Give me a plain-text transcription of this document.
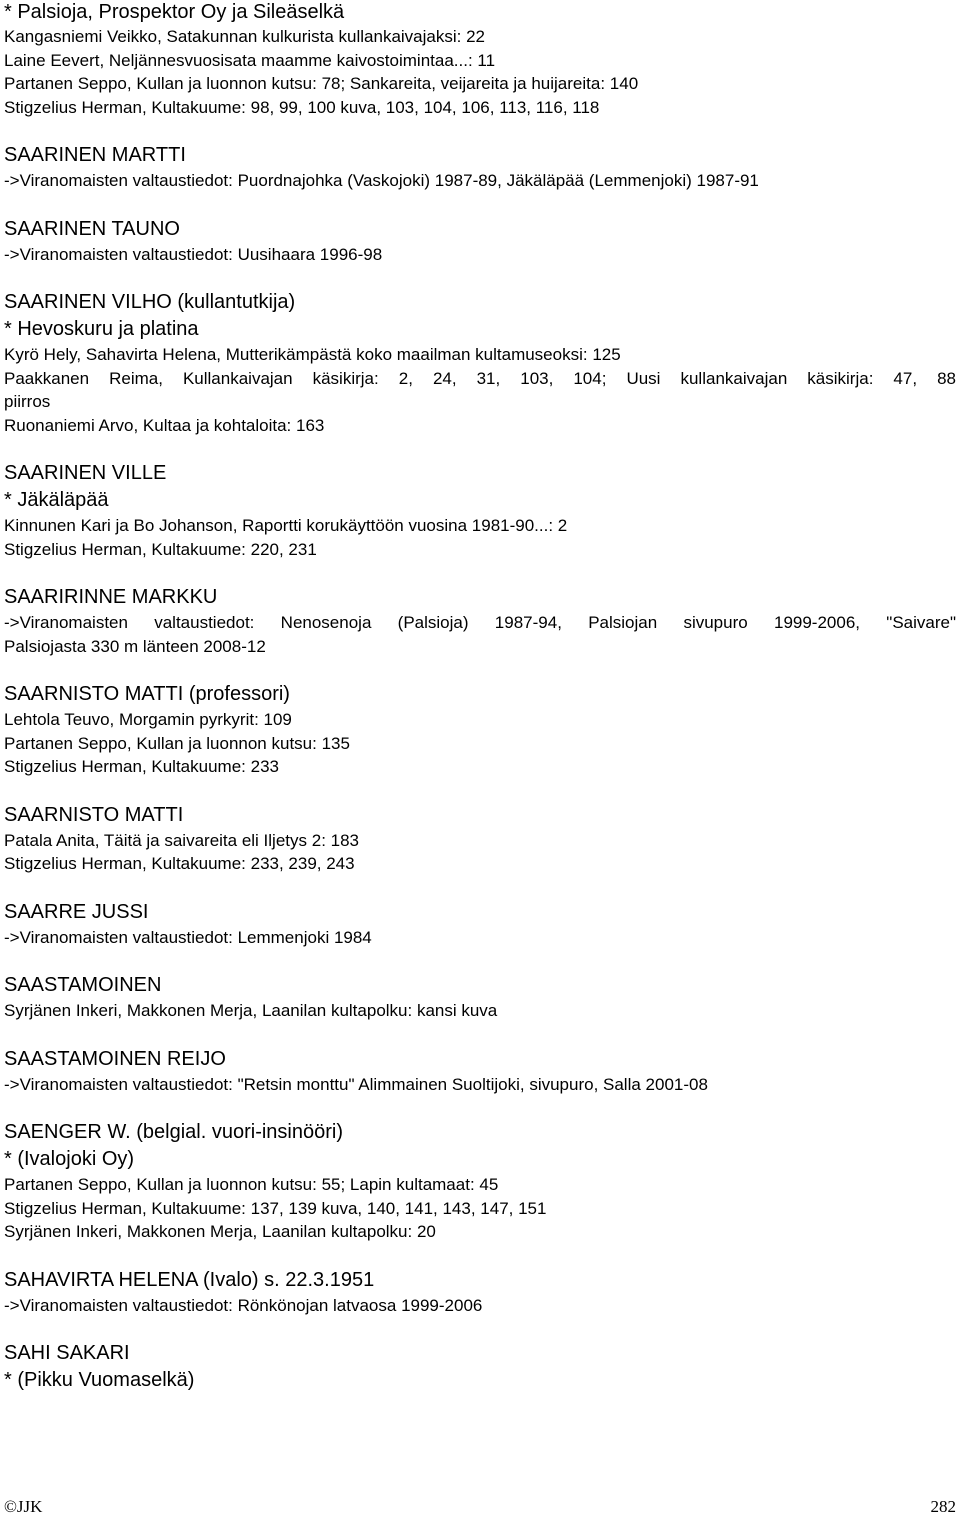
* Palsioja, Prospektor Oy ja Sileäselkä
Kangasniemi Veikko, Satakunnan kulkurista kullankaivajaksi: 22
Laine Eevert, Neljännesvuosisata maamme kaivostoimintaa...: 11
Partanen Seppo, Kullan ja luonnon kutsu: 78; Sankareita, veijareita ja huijareita: 140
Stigzelius Herman, Kultakuume: 98, 99, 100 kuva, 103, 104, 106, 113, 116, 118
SAARINEN MARTTI
->Viranomaisten valtaustiedot: Puordnajohka (Vaskojoki) 1987-89, Jäkäläpää (Lemmenjoki) 1987-91
SAARINEN TAUNO
->Viranomaisten valtaustiedot: Uusihaara 1996-98
SAARINEN VILHO (kullantutkija)
* Hevoskuru ja platina
Kyrö Hely, Sahavirta Helena, Mutterikämpästä koko maailman kultamuseoksi: 125
Paakkanen Reima, Kullankaivajan käsikirja: 2, 24, 31, 103, 104; Uusi kullankaivajan käsikirja: 47, 88
piirros
Ruonaniemi Arvo, Kultaa ja kohtaloita: 163
SAARINEN VILLE
* Jäkäläpää
Kinnunen Kari ja Bo Johanson, Raportti korukäyttöön vuosina 1981-90...: 2
Stigzelius Herman, Kultakuume: 220, 231
SAARIRINNE MARKKU
->Viranomaisten valtaustiedot: Nenosenoja (Palsioja) 1987-94, Palsiojan sivupuro 1999-2006, "Saivare"
Palsiojasta 330 m länteen 2008-12
SAARNISTO MATTI (professori)
Lehtola Teuvo, Morgamin pyrkyrit: 109
Partanen Seppo, Kullan ja luonnon kutsu: 135
Stigzelius Herman, Kultakuume: 233
SAARNISTO MATTI
Patala Anita, Täitä ja saivareita eli Iljetys 2: 183
Stigzelius Herman, Kultakuume: 233, 239, 243
SAARRE JUSSI
->Viranomaisten valtaustiedot: Lemmenjoki 1984
SAASTAMOINEN
Syrjänen Inkeri, Makkonen Merja, Laanilan kultapolku: kansi kuva
SAASTAMOINEN REIJO
->Viranomaisten valtaustiedot: "Retsin monttu" Alimmainen Suoltijoki, sivupuro, Salla 2001-08
SAENGER W. (belgial. vuori-insinööri)
* (Ivalojoki Oy)
Partanen Seppo, Kullan ja luonnon kutsu: 55; Lapin kultamaat: 45
Stigzelius Herman, Kultakuume: 137, 139 kuva, 140, 141, 143, 147, 151
Syrjänen Inkeri, Makkonen Merja, Laanilan kultapolku: 20
SAHAVIRTA HELENA (Ivalo) s. 22.3.1951
->Viranomaisten valtaustiedot: Rönkönojan latvaosa 1999-2006
SAHI SAKARI
* (Pikku Vuomaselkä)
©JJK	282
